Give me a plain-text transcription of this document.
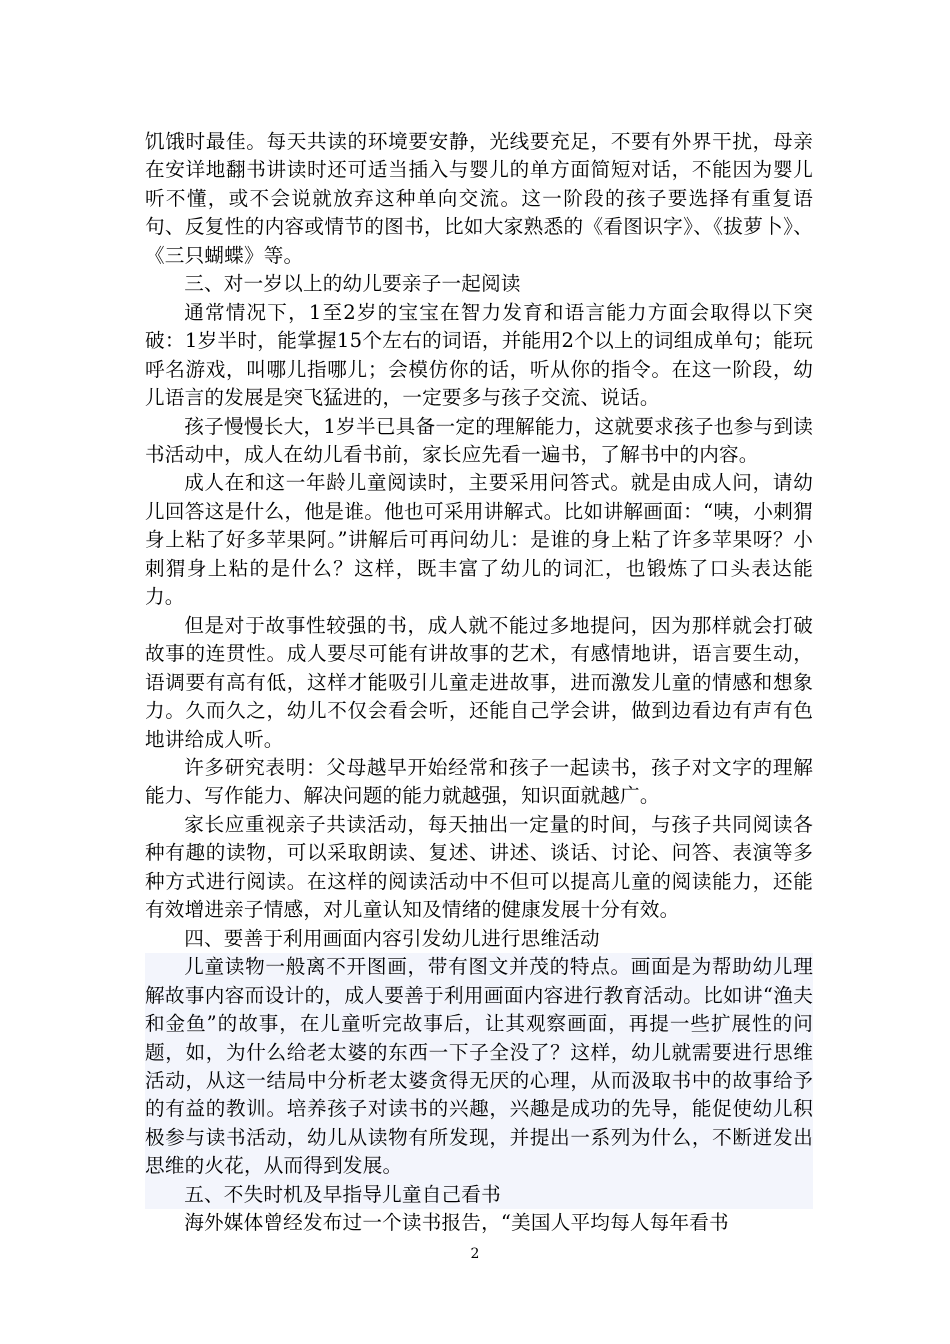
饥饿时最佳。每天共读的环境要安静，光线要充足，不要有外界干扰，母亲在安详地翻书讲读时还可适当插入与婴儿的单方面简短对话，不能因为婴儿听不懂，或不会说就放弃这种单向交流。这一阶段的孩子要选择有重复语句、反复性的内容或情节的图书，比如大家熟悉的《看图识字》、《拔萝卜》、《三只蝴蝶》等。

三、对一岁以上的幼儿要亲子一起阅读

通常情况下，1至2岁的宝宝在智力发育和语言能力方面会取得以下突破：1岁半时，能掌握15个左右的词语，并能用2个以上的词组成单句；能玩呼名游戏，叫哪儿指哪儿；会模仿你的话，听从你的指令。在这一阶段，幼儿语言的发展是突飞猛进的，一定要多与孩子交流、说话。

孩子慢慢长大，1岁半已具备一定的理解能力，这就要求孩子也参与到读书活动中，成人在幼儿看书前，家长应先看一遍书，了解书中的内容。

成人在和这一年龄儿童阅读时，主要采用问答式。就是由成人问，请幼儿回答这是什么，他是谁。他也可采用讲解式。比如讲解画面：“咦，小刺猬身上粘了好多苹果阿。”讲解后可再问幼儿：是谁的身上粘了许多苹果呀？小刺猬身上粘的是什么？这样，既丰富了幼儿的词汇，也锻炼了口头表达能力。

但是对于故事性较强的书，成人就不能过多地提问，因为那样就会打破故事的连贯性。成人要尽可能有讲故事的艺术，有感情地讲，语言要生动，语调要有高有低，这样才能吸引儿童走进故事，进而激发儿童的情感和想象力。久而久之，幼儿不仅会看会听，还能自己学会讲，做到边看边有声有色地讲给成人听。

许多研究表明：父母越早开始经常和孩子一起读书，孩子对文字的理解能力、写作能力、解决问题的能力就越强，知识面就越广。

家长应重视亲子共读活动，每天抽出一定量的时间，与孩子共同阅读各种有趣的读物，可以采取朗读、复述、讲述、谈话、讨论、问答、表演等多种方式进行阅读。在这样的阅读活动中不但可以提高儿童的阅读能力，还能有效增进亲子情感，对儿童认知及情绪的健康发展十分有效。

四、要善于利用画面内容引发幼儿进行思维活动

儿童读物一般离不开图画，带有图文并茂的特点。画面是为帮助幼儿理解故事内容而设计的，成人要善于利用画面内容进行教育活动。比如讲“渔夫和金鱼”的故事，在儿童听完故事后，让其观察画面，再提一些扩展性的问题，如，为什么给老太婆的东西一下子全没了？这样，幼儿就需要进行思维活动，从这一结局中分析老太婆贪得无厌的心理，从而汲取书中的故事给予的有益的教训。培养孩子对读书的兴趣，兴趣是成功的先导，能促使幼儿积极参与读书活动，幼儿从读物有所发现，并提出一系列为什么，不断迸发出思维的火花，从而得到发展。

五、不失时机及早指导儿童自己看书

海外媒体曾经发布过一个读书报告，“美国人平均每人每年看书

2
